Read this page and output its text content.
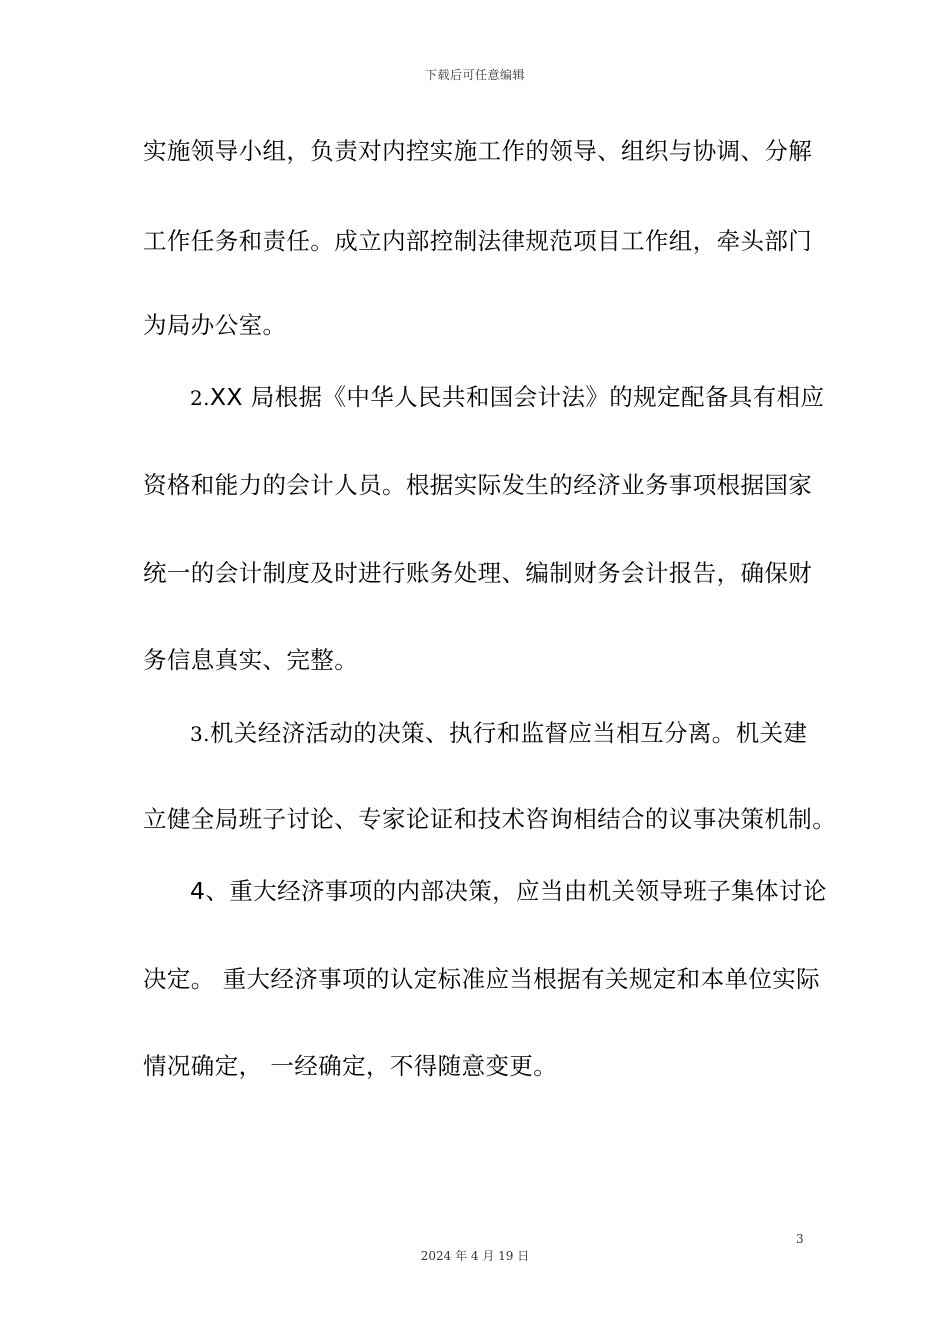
下载后可任意编辑
实施领导小组，负责对内控实施工作的领导、组织与协调、分解
工作任务和责任。成立内部控制法律规范项目工作组，牵头部门
为局办公室。
2.XX 局根据《中华人民共和国会计法》的规定配备具有相应
资格和能力的会计人员。根据实际发生的经济业务事项根据国家
统一的会计制度及时进行账务处理、编制财务会计报告，确保财
务信息真实、完整。
3.机关经济活动的决策、执行和监督应当相互分离。机关建
立健全局班子讨论、专家论证和技术咨询相结合的议事决策机制。
4、重大经济事项的内部决策，应当由机关领导班子集体讨论
决定。 重大经济事项的认定标准应当根据有关规定和本单位实际
情况确定， 一经确定，不得随意变更。
3
2024 年 4 月 19 日
